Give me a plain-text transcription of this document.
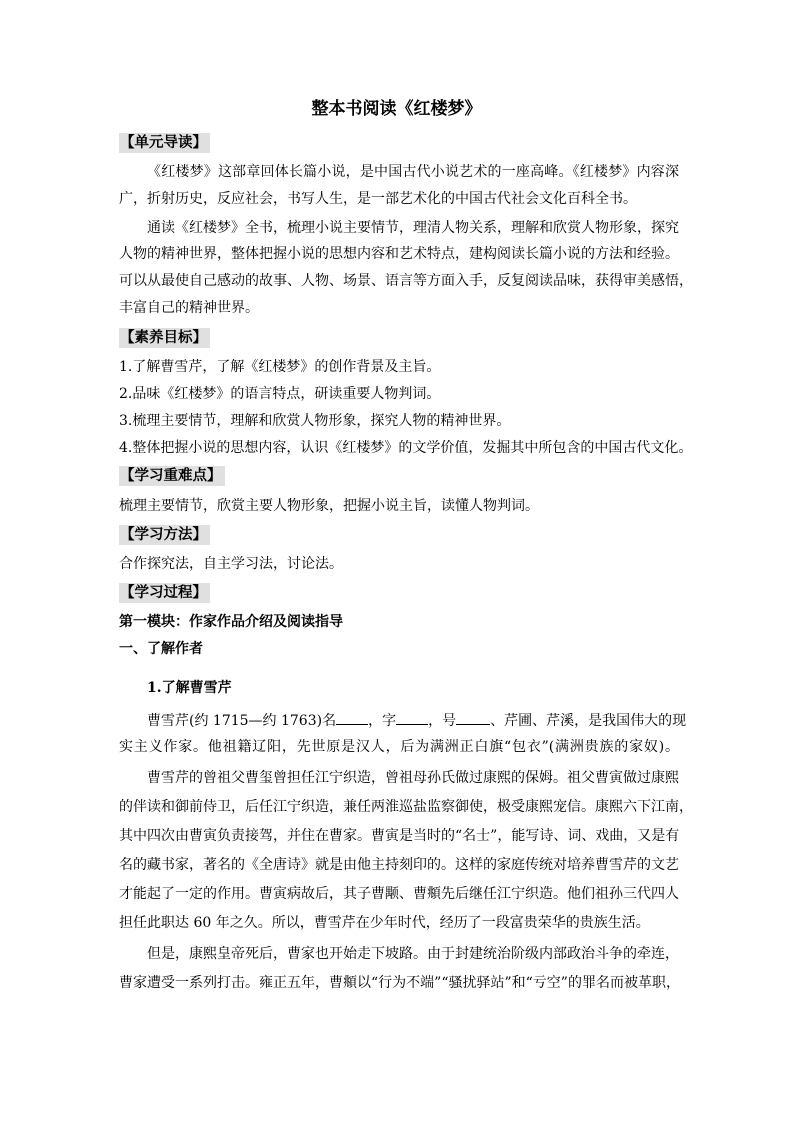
整本书阅读《红楼梦》
【单元导读】
《红楼梦》这部章回体长篇小说，是中国古代小说艺术的一座高峰。《红楼梦》内容深
广，折射历史，反应社会，书写人生，是一部艺术化的中国古代社会文化百科全书。
通读《红楼梦》全书，梳理小说主要情节，理清人物关系，理解和欣赏人物形象，探究
人物的精神世界，整体把握小说的思想内容和艺术特点，建构阅读长篇小说的方法和经验。
可以从最使自己感动的故事、人物、场景、语言等方面入手，反复阅读品味，获得审美感悟，
丰富自己的精神世界。
【素养目标】
1.了解曹雪芹，了解《红楼梦》的创作背景及主旨。
2.品味《红楼梦》的语言特点，研读重要人物判词。
3.梳理主要情节，理解和欣赏人物形象，探究人物的精神世界。
4.整体把握小说的思想内容，认识《红楼梦》的文学价值，发掘其中所包含的中国古代文化。
【学习重难点】
梳理主要情节，欣赏主要人物形象，把握小说主旨，读懂人物判词。
【学习方法】
合作探究法，自主学习法，讨论法。
【学习过程】
第一模块：作家作品介绍及阅读指导
一、了解作者
1.了解曹雪芹
曹雪芹(约 1715—约 1763)名 ，字 ，号 、芹圃、芹溪，是我国伟大的现
实主义作家。他祖籍辽阳，先世原是汉人，后为满洲正白旗“包衣”(满洲贵族的家奴)。
曹雪芹的曾祖父曹玺曾担任江宁织造，曾祖母孙氏做过康熙的保姆。祖父曹寅做过康熙
的伴读和御前侍卫，后任江宁织造，兼任两淮巡盐监察御使，极受康熙宠信。康熙六下江南，
其中四次由曹寅负责接驾，并住在曹家。曹寅是当时的“名士”，能写诗、词、戏曲，又是有
名的藏书家，著名的《全唐诗》就是由他主持刻印的。这样的家庭传统对培养曹雪芹的文艺
才能起了一定的作用。曹寅病故后，其子曹颙、曹頫先后继任江宁织造。他们祖孙三代四人
担任此职达 60 年之久。所以，曹雪芹在少年时代，经历了一段富贵荣华的贵族生活。
但是，康熙皇帝死后，曹家也开始走下坡路。由于封建统治阶级内部政治斗争的牵连，
曹家遭受一系列打击。雍正五年，曹頫以“行为不端”“骚扰驿站”和“亏空”的罪名而被革职，
